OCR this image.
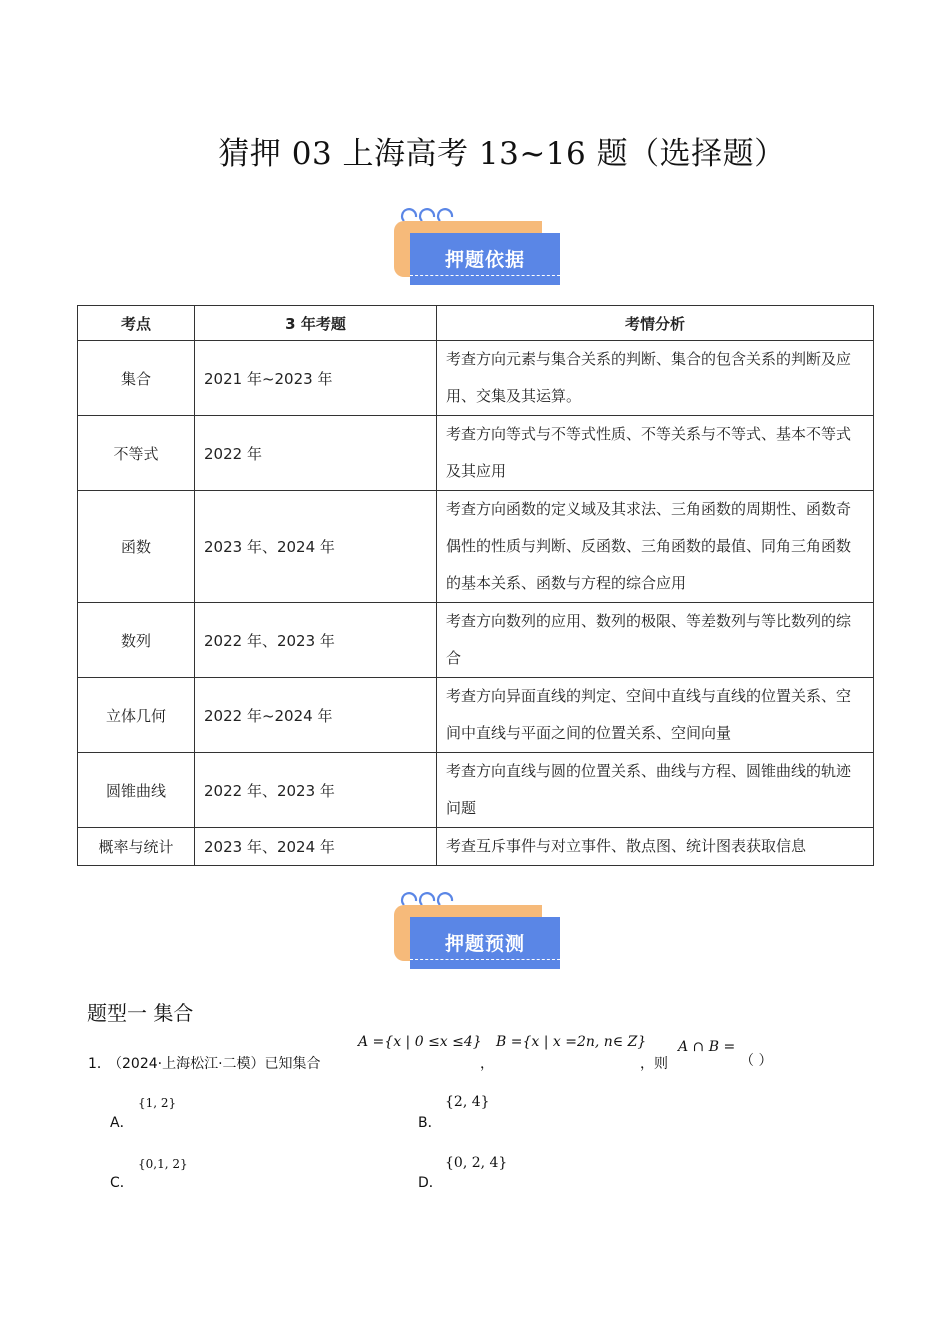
猜押 03 上海高考 13~16 题（选择题）
押题依据
考点	3 年考题	考情分析
集合	2021 年~2023 年	考查方向元素与集合关系的判断、集合的包含关系的判断及应用、交集及其运算。
不等式	2022 年	考查方向等式与不等式性质、不等关系与不等式、基本不等式及其应用
函数	2023 年、2024 年	考查方向函数的定义域及其求法、三角函数的周期性、函数奇偶性的性质与判断、反函数、三角函数的最值、同角三角函数的基本关系、函数与方程的综合应用
数列	2022 年、2023 年	考查方向数列的应用、数列的极限、等差数列与等比数列的综合
立体几何	2022 年~2024 年	考查方向异面直线的判定、空间中直线与直线的位置关系、空间中直线与平面之间的位置关系、空间向量
圆锥曲线	2022 年、2023 年	考查方向直线与圆的位置关系、曲线与方程、圆锥曲线的轨迹问题
概率与统计	2023 年、2024 年	考查互斥事件与对立事件、散点图、统计图表获取信息
押题预测
题型一 集合
1．
（2024·上海松江·二模）已知集合
A ={x | 0 ≤x ≤4}
，
B ={x | x =2n, n∈ Z}
，则
A ∩ B =
（ ）
A．
{1, 2}
B．
{2, 4}
C．
{0,1, 2}
D．
{0, 2, 4}
